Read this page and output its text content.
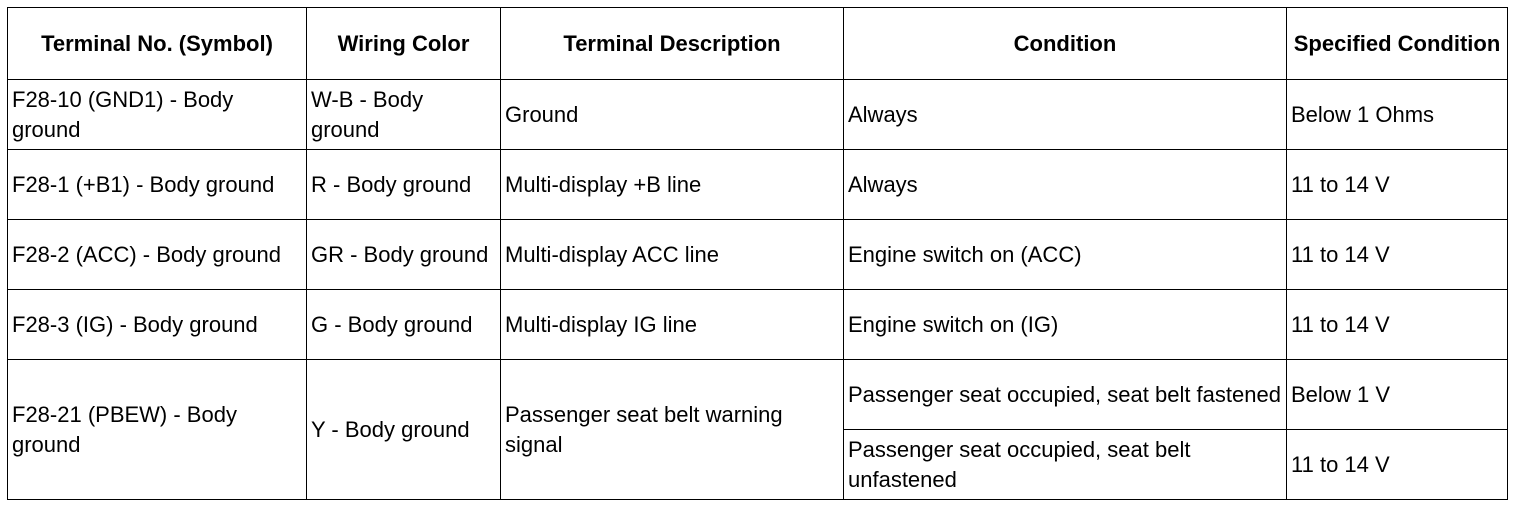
Terminal No. (Symbol)	Wiring Color	Terminal Description	Condition	Specified Condition
F28-10 (GND1) - Body ground	W-B - Body ground	Ground	Always	Below 1 Ohms
F28-1 (+B1) - Body ground	R - Body ground	Multi-display +B line	Always	11 to 14 V
F28-2 (ACC) - Body ground	GR - Body ground	Multi-display ACC line	Engine switch on (ACC)	11 to 14 V
F28-3 (IG) - Body ground	G - Body ground	Multi-display IG line	Engine switch on (IG)	11 to 14 V
F28-21 (PBEW) - Body ground	Y - Body ground	Passenger seat belt warning signal	Passenger seat occupied, seat belt fastened	Below 1 V
			Passenger seat occupied, seat belt unfastened	11 to 14 V
